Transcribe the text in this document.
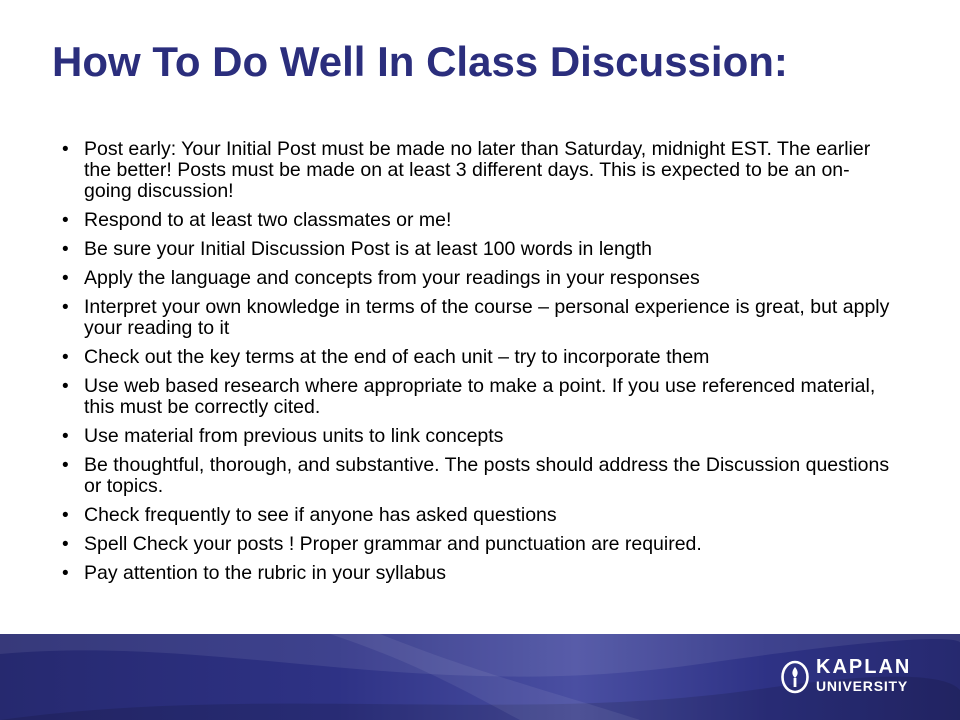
How To Do Well In Class Discussion:
• Post early: Your Initial Post must be made no later than Saturday, midnight EST. The earlier the better! Posts must be made on at least 3 different days. This is expected to be an on-going discussion!
• Respond to at least two classmates or me!
• Be sure your Initial Discussion Post is at least 100 words in length
• Apply the language and concepts from your readings in your responses
• Interpret your own knowledge in terms of the course – personal experience is great, but apply your reading to it
• Check out the key terms at the end of each unit – try to incorporate them
• Use web based research where appropriate to make a point. If you use referenced material, this must be correctly cited.
• Use material from previous units to link concepts
• Be thoughtful, thorough, and substantive. The posts should address the Discussion questions or topics.
• Check frequently to see if anyone has asked questions
• Spell Check your posts ! Proper grammar and punctuation are required.
• Pay attention to the rubric in your syllabus
KAPLAN
UNIVERSITY
